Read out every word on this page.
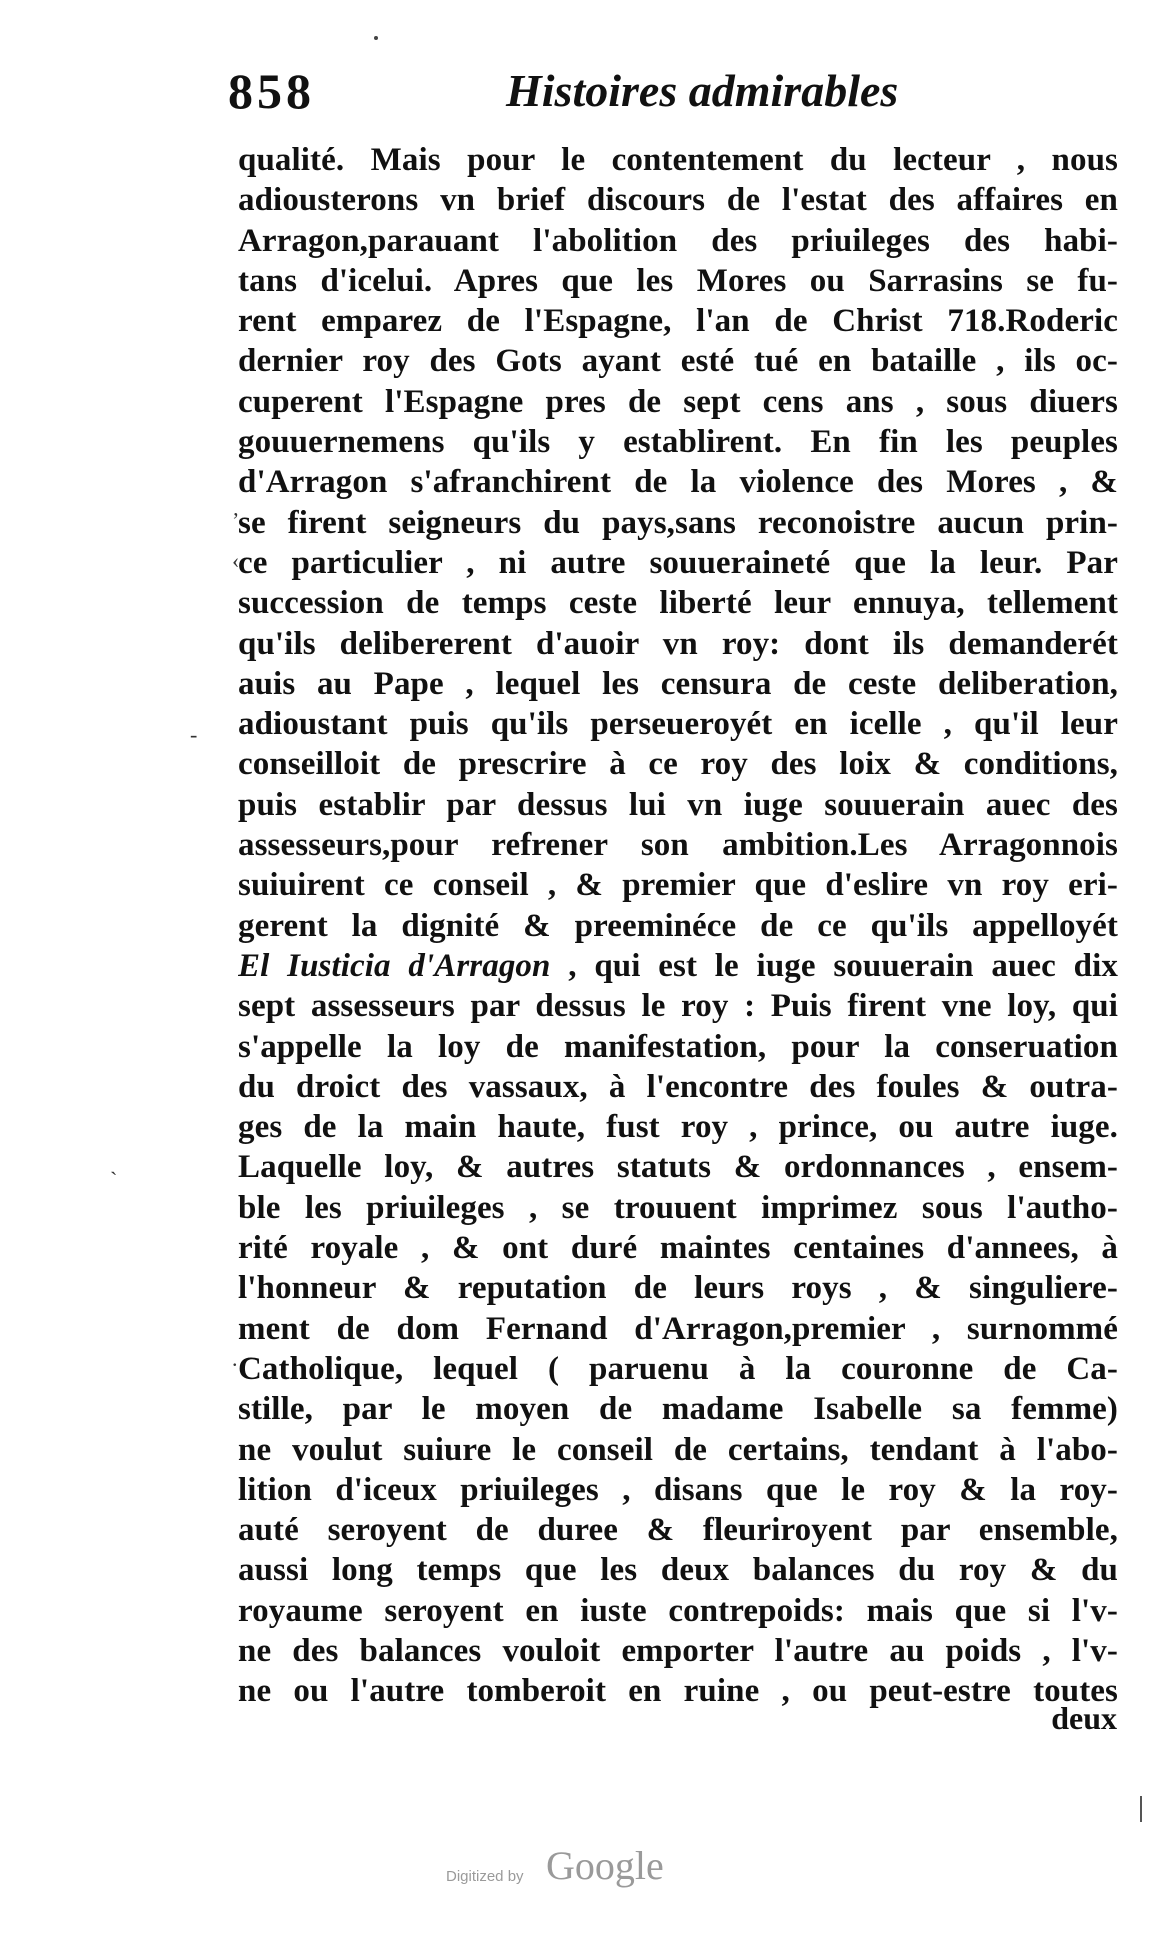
858	Histoires admirables
qualité. Mais pour le contentement du lecteur , nous
adiousterons vn brief discours de l'estat des affaires en
Arragon,parauant l'abolition des priuileges des habi-
tans d'icelui. Apres que les Mores ou Sarrasins se fu-
rent emparez de l'Espagne, l'an de Christ 718.Roderic
dernier roy des Gots ayant esté tué en bataille , ils oc-
cuperent l'Espagne pres de sept cens ans , sous diuers
gouuernemens qu'ils y establirent. En fin les peuples
d'Arragon s'afranchirent de la violence des Mores , &
se firent seigneurs du pays,sans reconoistre aucun prin-
ce particulier , ni autre souueraineté que la leur. Par
succession de temps ceste liberté leur ennuya, tellement
qu'ils delibererent d'auoir vn roy: dont ils demanderét
auis au Pape , lequel les censura de ceste deliberation,
adioustant puis qu'ils perseueroyét en icelle , qu'il leur
conseilloit de prescrire à ce roy des loix & conditions,
puis establir par dessus lui vn iuge souuerain auec des
assesseurs,pour refrener son ambition.Les Arragonnois
suiuirent ce conseil , & premier que d'eslire vn roy eri-
gerent la dignité & preeminéce de ce qu'ils appelloyét
El Iusticia d'Arragon , qui est le iuge souuerain auec dix
sept assesseurs par dessus le roy : Puis firent vne loy, qui
s'appelle la loy de manifestation, pour la conseruation
du droict des vassaux, à l'encontre des foules & outra-
ges de la main haute, fust roy , prince, ou autre iuge.
Laquelle loy, & autres statuts & ordonnances , ensem-
ble les priuileges , se trouuent imprimez sous l'autho-
rité royale , & ont duré maintes centaines d'annees, à
l'honneur & reputation de leurs roys , & singuliere-
ment de dom Fernand d'Arragon,premier , surnommé
Catholique, lequel ( paruenu à la couronne de Ca-
stille, par le moyen de madame Isabelle sa femme)
ne voulut suiure le conseil de certains, tendant à l'abo-
lition d'iceux priuileges , disans que le roy & la roy-
auté seroyent de duree & fleuriroyent par ensemble,
aussi long temps que les deux balances du roy & du
royaume seroyent en iuste contrepoids: mais que si l'v-
ne des balances vouloit emporter l'autre au poids , l'v-
ne ou l'autre tomberoit en ruine , ou peut-estre toutes
ʼ
‹
-
ˎ
.
deux
Digitized by Google
